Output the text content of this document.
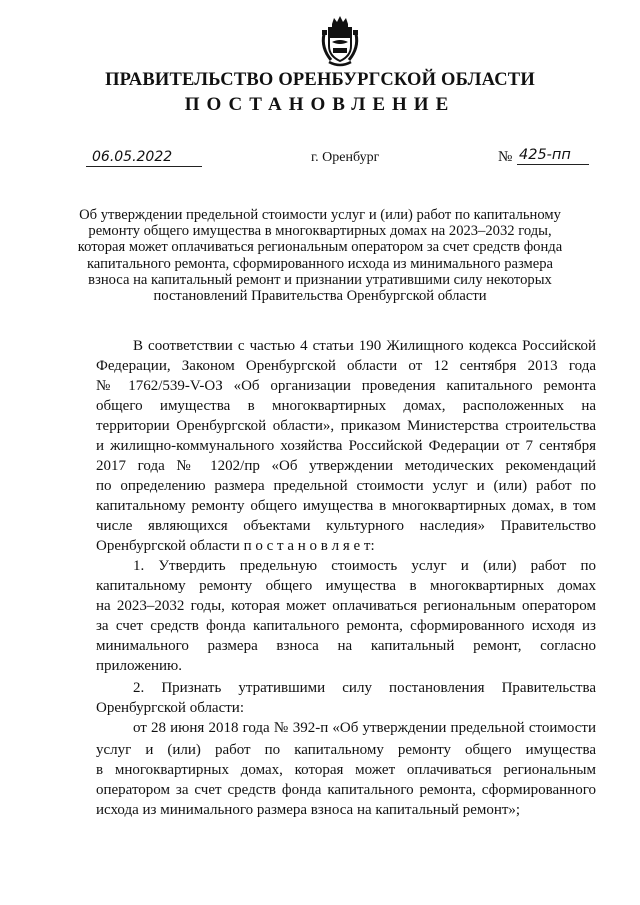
ПРАВИТЕЛЬСТВО ОРЕНБУРГСКОЙ ОБЛАСТИ
ПОСТАНОВЛЕНИЕ
06.05.2022	г. Оренбург	№ 425-пп
Об утверждении предельной стоимости услуг и (или) работ по капитальному
ремонту общего имущества в многоквартирных домах на 2023–2032 годы,
которая может оплачиваться региональным оператором за счет средств фонда
капитального ремонта, сформированного исхода из минимального размера
взноса на капитальный ремонт и признании утратившими силу некоторых
постановлений Правительства Оренбургской области
В соответствии с частью 4 статьи 190 Жилищного кодекса Российской
Федерации, Законом Оренбургской области от 12 сентября 2013 года
№ 1762/539-V-ОЗ «Об организации проведения капитального ремонта
общего имущества в многоквартирных домах, расположенных на
территории Оренбургской области», приказом Министерства строительства
и жилищно-коммунального хозяйства Российской Федерации от 7 сентября
2017 года № 1202/пр «Об утверждении методических рекомендаций
по определению размера предельной стоимости услуг и (или) работ по
капитальному ремонту общего имущества в многоквартирных домах, в том
числе являющихся объектами культурного наследия» Правительство
Оренбургской области п о с т а н о в л я е т:
1. Утвердить предельную стоимость услуг и (или) работ по
капитальному ремонту общего имущества в многоквартирных домах
на 2023–2032 годы, которая может оплачиваться региональным оператором
за счет средств фонда капитального ремонта, сформированного исходя из
минимального размера взноса на капитальный ремонт, согласно
приложению.
2. Признать утратившими силу постановления Правительства
Оренбургской области:
от 28 июня 2018 года № 392-п «Об утверждении предельной стоимости
услуг и (или) работ по капитальному ремонту общего имущества
в многоквартирных домах, которая может оплачиваться региональным
оператором за счет средств фонда капитального ремонта, сформированного
исхода из минимального размера взноса на капитальный ремонт»;
